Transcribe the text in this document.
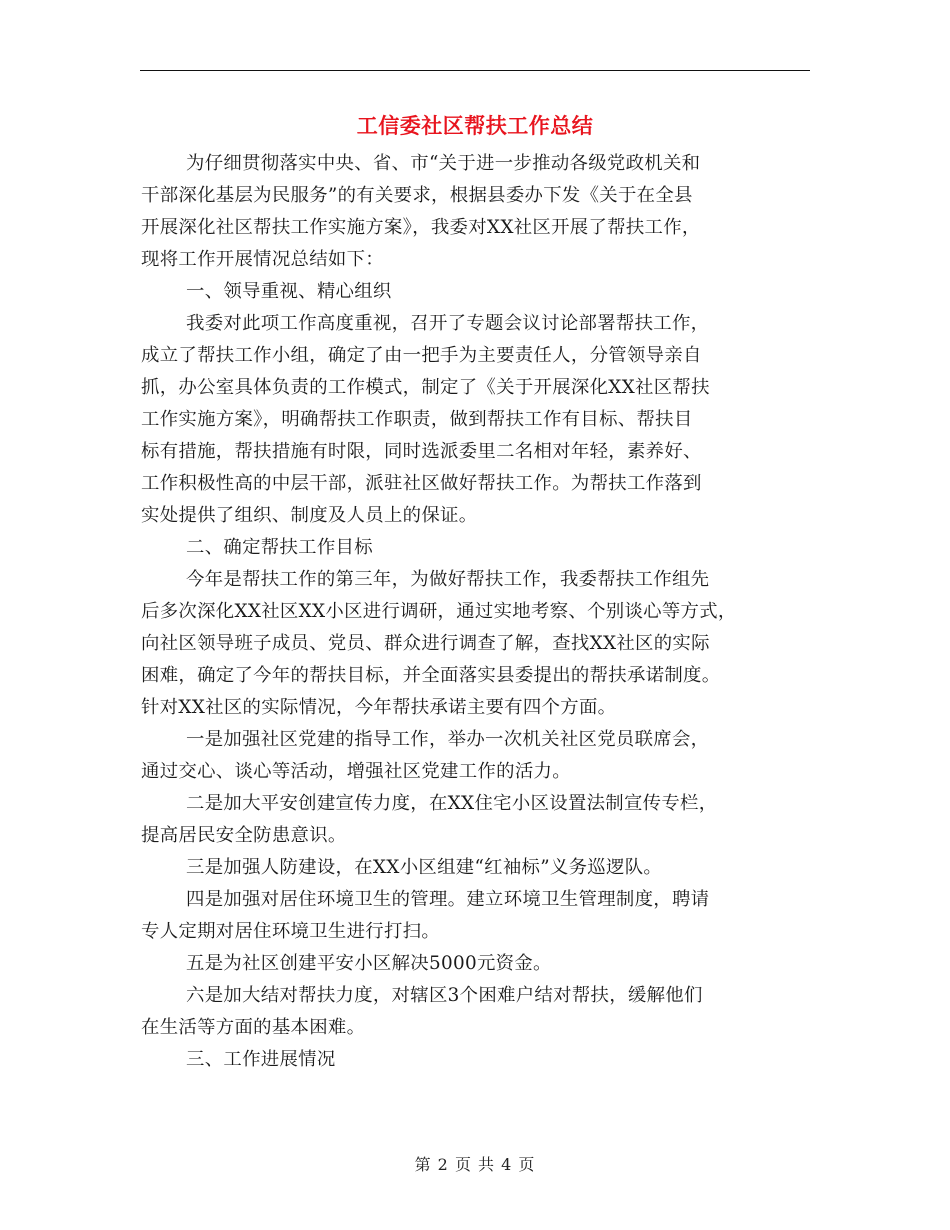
工信委社区帮扶工作总结
为仔细贯彻落实中央、省、市“关于进一步推动各级党政机关和
干部深化基层为民服务”的有关要求，根据县委办下发《关于在全县
开展深化社区帮扶工作实施方案》，我委对XX社区开展了帮扶工作，
现将工作开展情况总结如下：
一、领导重视、精心组织
我委对此项工作高度重视，召开了专题会议讨论部署帮扶工作，
成立了帮扶工作小组，确定了由一把手为主要责任人，分管领导亲自
抓，办公室具体负责的工作模式，制定了《关于开展深化XX社区帮扶
工作实施方案》，明确帮扶工作职责，做到帮扶工作有目标、帮扶目
标有措施，帮扶措施有时限，同时选派委里二名相对年轻，素养好、
工作积极性高的中层干部，派驻社区做好帮扶工作。为帮扶工作落到
实处提供了组织、制度及人员上的保证。
二、确定帮扶工作目标
今年是帮扶工作的第三年，为做好帮扶工作，我委帮扶工作组先
后多次深化XX社区XX小区进行调研，通过实地考察、个别谈心等方式，
向社区领导班子成员、党员、群众进行调查了解，查找XX社区的实际
困难，确定了今年的帮扶目标，并全面落实县委提出的帮扶承诺制度。
针对XX社区的实际情况，今年帮扶承诺主要有四个方面。
一是加强社区党建的指导工作，举办一次机关社区党员联席会，
通过交心、谈心等活动，增强社区党建工作的活力。
二是加大平安创建宣传力度，在XX住宅小区设置法制宣传专栏，
提高居民安全防患意识。
三是加强人防建设，在XX小区组建“红袖标”义务巡逻队。
四是加强对居住环境卫生的管理。建立环境卫生管理制度，聘请
专人定期对居住环境卫生进行打扫。
五是为社区创建平安小区解决5000元资金。
六是加大结对帮扶力度，对辖区3个困难户结对帮扶，缓解他们
在生活等方面的基本困难。
三、工作进展情况
第 2 页 共 4 页
